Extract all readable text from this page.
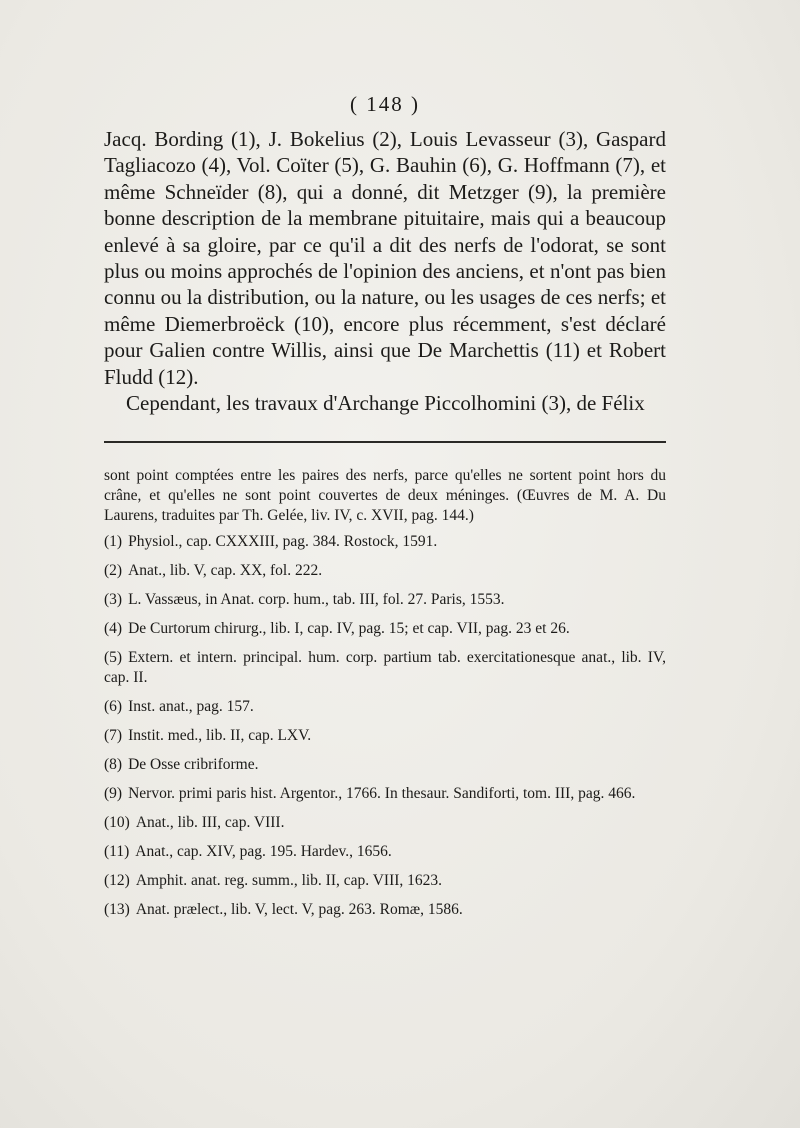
( 148 )

Jacq. Bording (1), J. Bokelius (2), Louis Levasseur (3), Gaspard Tagliacozo (4), Vol. Coïter (5), G. Bauhin (6), G. Hoffmann (7), et même Schneïder (8), qui a donné, dit Metzger (9), la première bonne description de la membrane pituitaire, mais qui a beaucoup enlevé à sa gloire, par ce qu'il a dit des nerfs de l'odorat, se sont plus ou moins approchés de l'opinion des anciens, et n'ont pas bien connu ou la distribution, ou la nature, ou les usages de ces nerfs; et même Diemerbroëck (10), encore plus récemment, s'est déclaré pour Galien contre Willis, ainsi que De Marchettis (11) et Robert Fludd (12).

Cependant, les travaux d'Archange Piccolhomini (3), de Félix

sont point comptées entre les paires des nerfs, parce qu'elles ne sortent point hors du crâne, et qu'elles ne sont point couvertes de deux méninges. (Œuvres de M. A. Du Laurens, traduites par Th. Gelée, liv. IV, c. XVII, pag. 144.)

(1) Physiol., cap. CXXXIII, pag. 384. Rostock, 1591.

(2) Anat., lib. V, cap. XX, fol. 222.

(3) L. Vassæus, in Anat. corp. hum., tab. III, fol. 27. Paris, 1553.

(4) De Curtorum chirurg., lib. I, cap. IV, pag. 15; et cap. VII, pag. 23 et 26.

(5) Extern. et intern. principal. hum. corp. partium tab. exercitationesque anat., lib. IV, cap. II.

(6) Inst. anat., pag. 157.

(7) Instit. med., lib. II, cap. LXV.

(8) De Osse cribriforme.

(9) Nervor. primi paris hist. Argentor., 1766. In thesaur. Sandiforti, tom. III, pag. 466.

(10) Anat., lib. III, cap. VIII.

(11) Anat., cap. XIV, pag. 195. Hardev., 1656.

(12) Amphit. anat. reg. summ., lib. II, cap. VIII, 1623.

(13) Anat. prælect., lib. V, lect. V, pag. 263. Romæ, 1586.
